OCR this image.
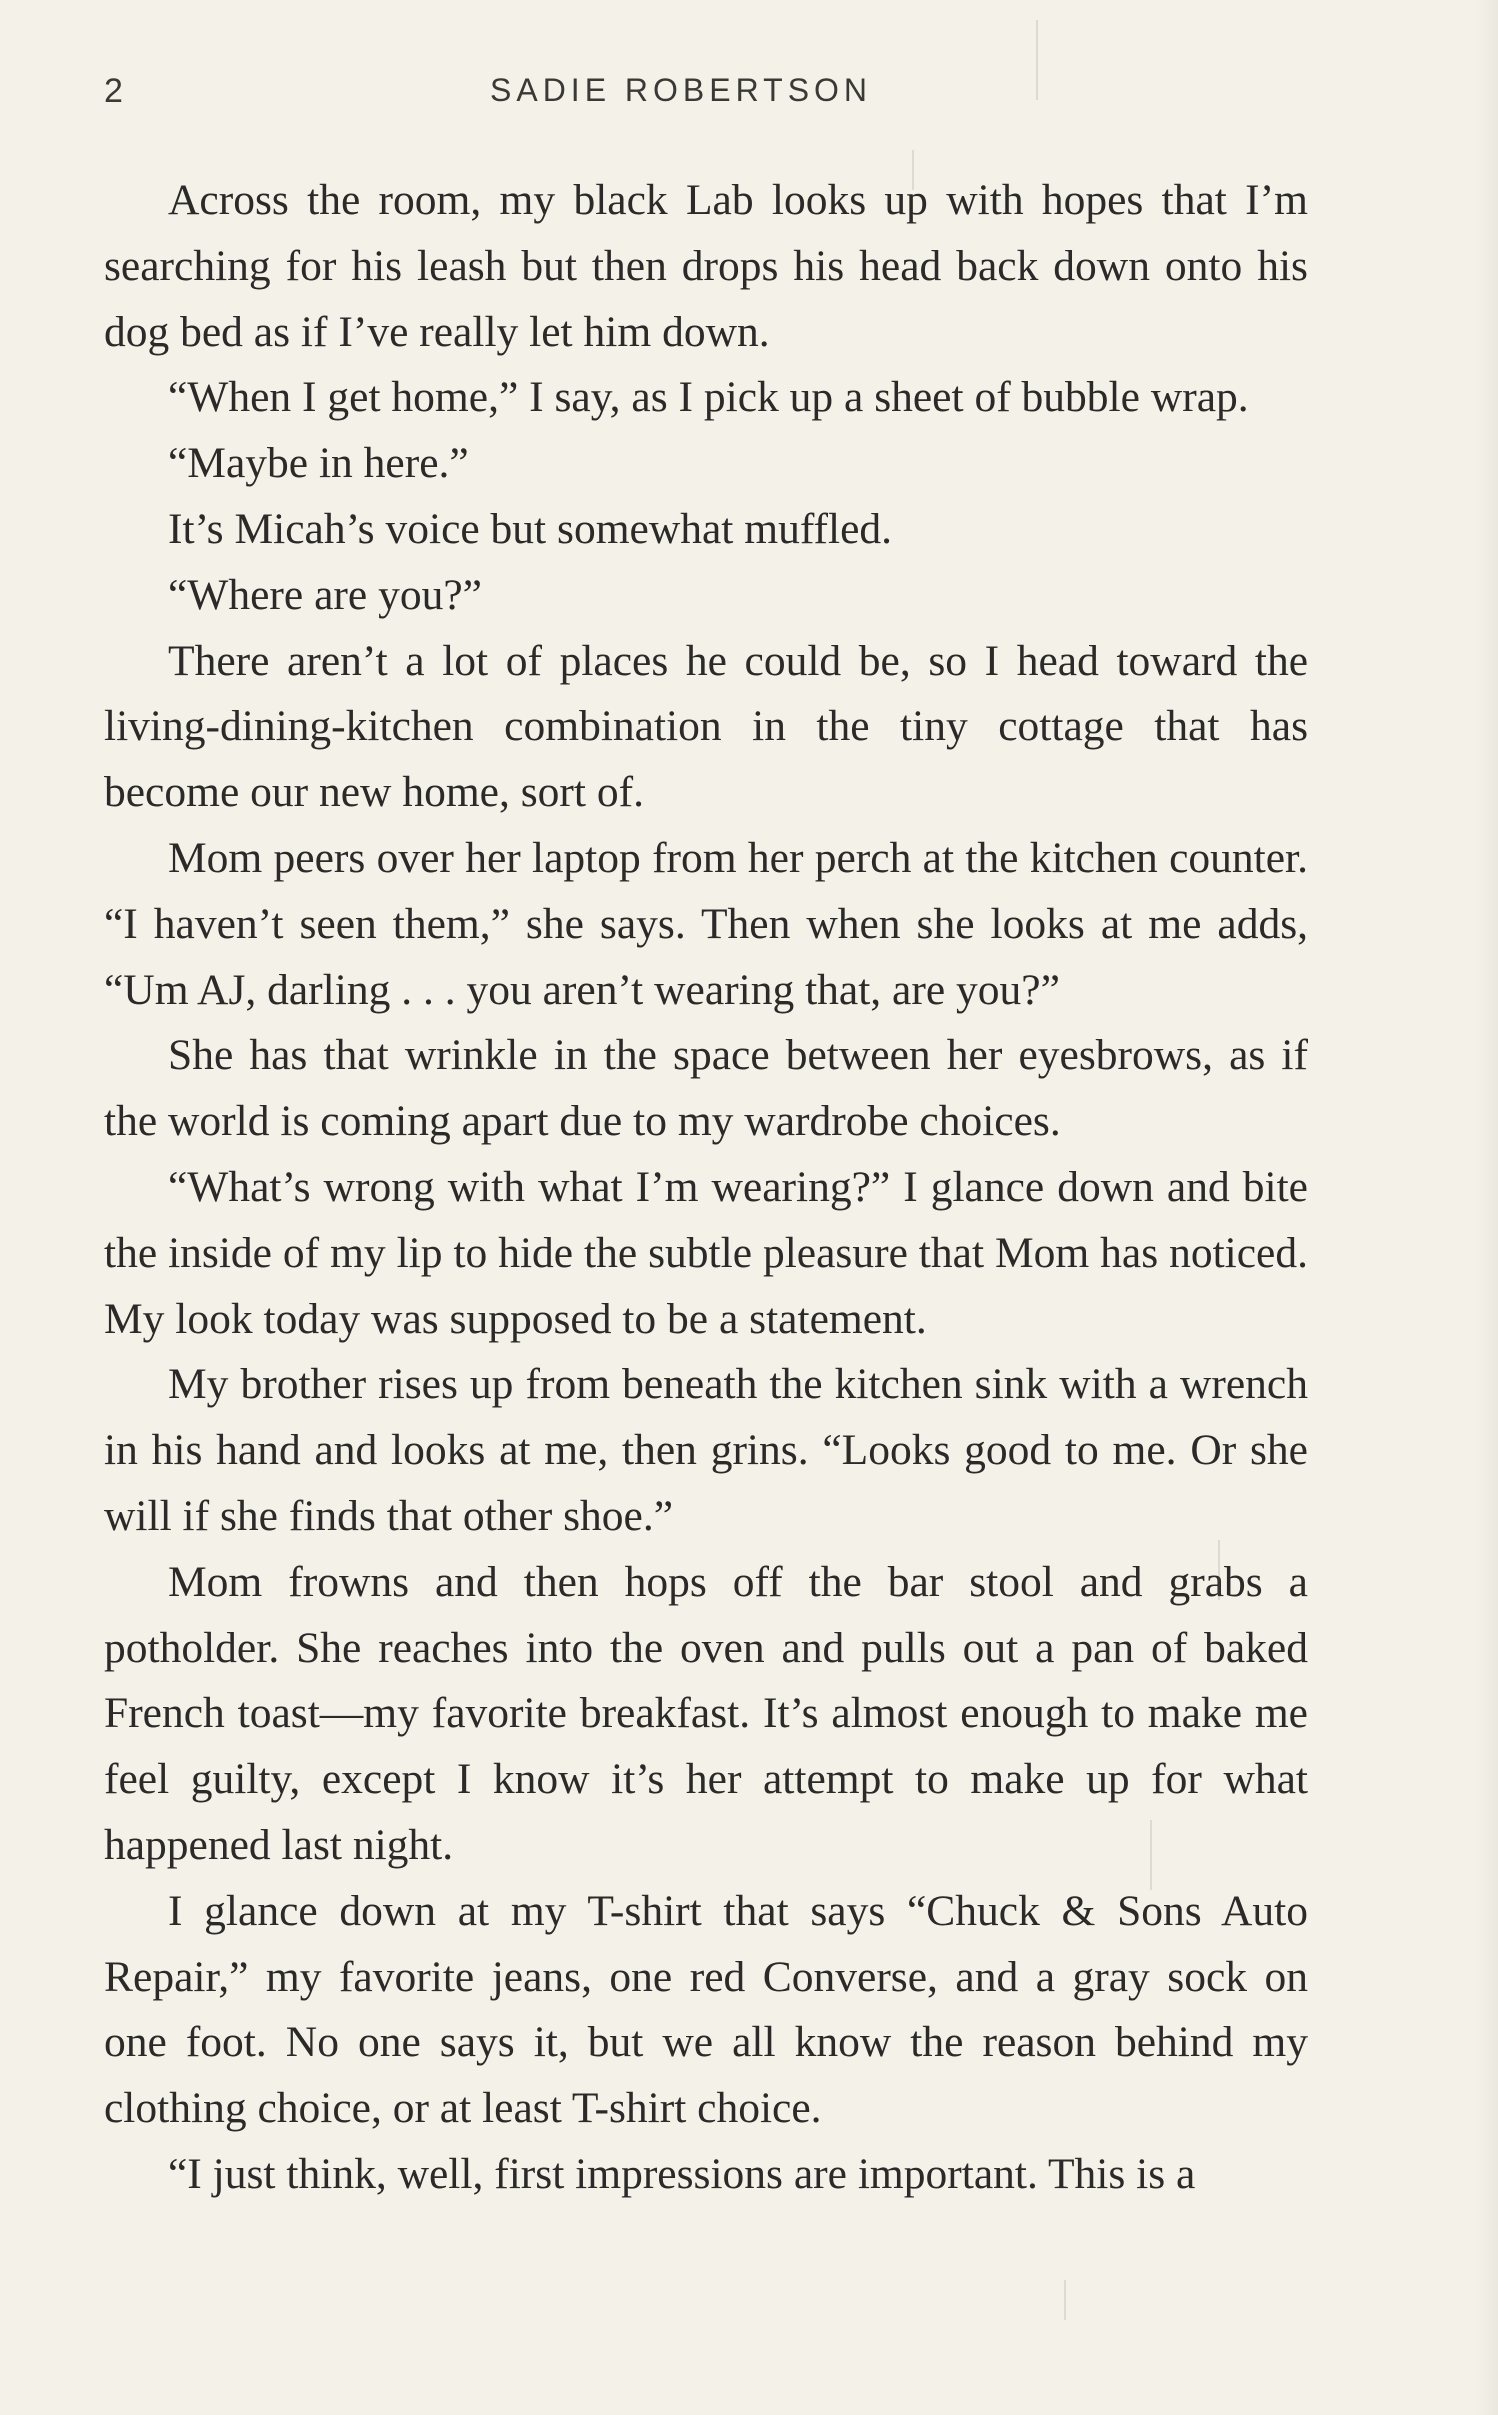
2	SADIE ROBERTSON

Across the room, my black Lab looks up with hopes that I’m searching for his leash but then drops his head back down onto his dog bed as if I’ve really let him down.

“When I get home,” I say, as I pick up a sheet of bubble wrap.

“Maybe in here.”

It’s Micah’s voice but somewhat muffled.

“Where are you?”

There aren’t a lot of places he could be, so I head toward the living-dining-kitchen combination in the tiny cottage that has become our new home, sort of.

Mom peers over her laptop from her perch at the kitchen counter. “I haven’t seen them,” she says. Then when she looks at me adds, “Um AJ, darling . . . you aren’t wearing that, are you?”

She has that wrinkle in the space between her eyesbrows, as if the world is coming apart due to my wardrobe choices.

“What’s wrong with what I’m wearing?” I glance down and bite the inside of my lip to hide the subtle pleasure that Mom has noticed. My look today was supposed to be a statement.

My brother rises up from beneath the kitchen sink with a wrench in his hand and looks at me, then grins. “Looks good to me. Or she will if she finds that other shoe.”

Mom frowns and then hops off the bar stool and grabs a potholder. She reaches into the oven and pulls out a pan of baked French toast—my favorite breakfast. It’s almost enough to make me feel guilty, except I know it’s her attempt to make up for what happened last night.

I glance down at my T-shirt that says “Chuck & Sons Auto Repair,” my favorite jeans, one red Converse, and a gray sock on one foot. No one says it, but we all know the reason behind my clothing choice, or at least T-shirt choice.

“I just think, well, first impressions are important. This is a
